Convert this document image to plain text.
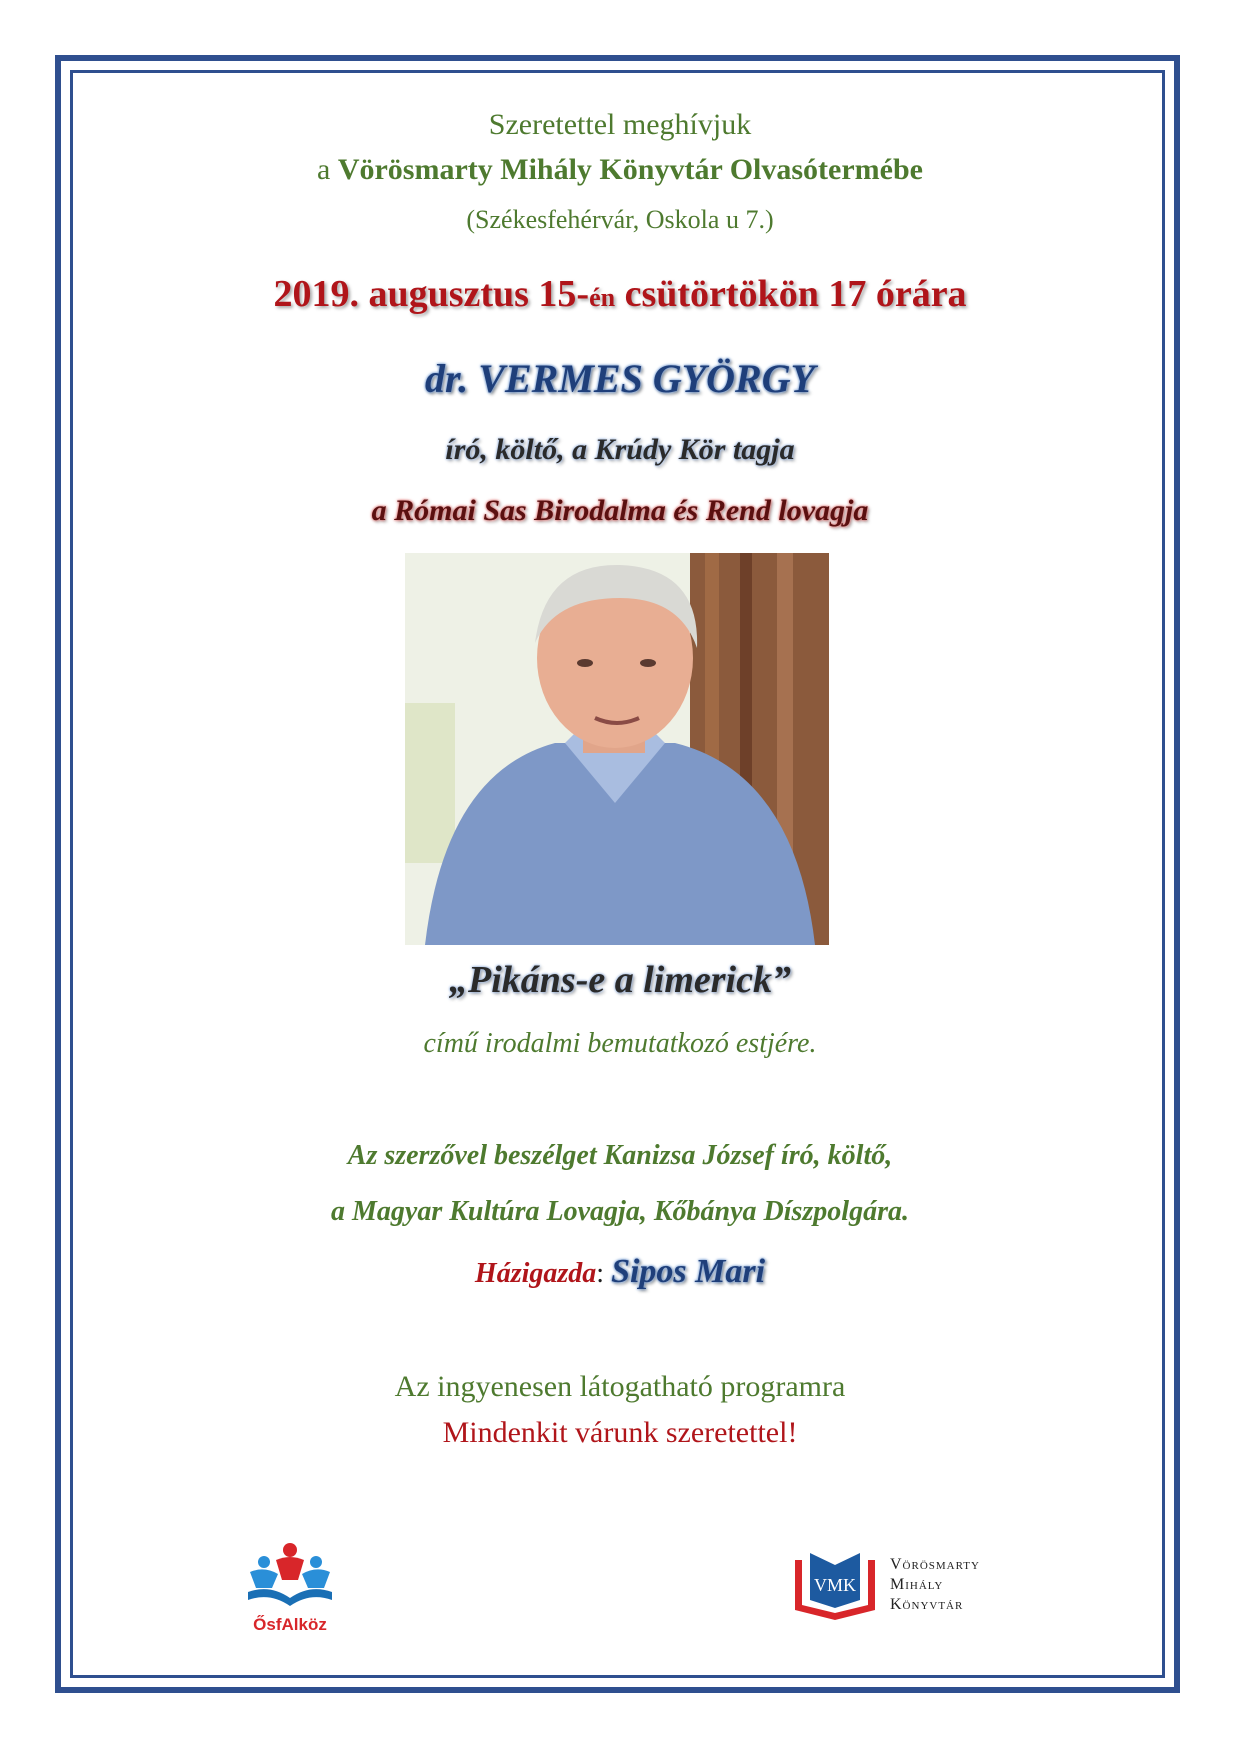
Szeretettel meghívjuk
a Vörösmarty Mihály Könyvtár Olvasótermébe
(Székesfehérvár, Oskola u 7.)
2019. augusztus 15-én csütörtökön 17 órára
dr. VERMES GYÖRGY
író, költő, a Krúdy Kör tagja
a Római Sas Birodalma és Rend lovagja
„Pikáns-e a limerick”
című irodalmi bemutatkozó estjére.
Az szerzővel beszélget Kanizsa József író, költő,
a Magyar Kultúra Lovagja, Kőbánya Díszpolgára.
Házigazda: Sipos Mari
Az ingyenesen látogatható programra
Mindenkit várunk szeretettel!
ŐsfAlköz
VMK
Vörösmarty
Mihály
Könyvtár
